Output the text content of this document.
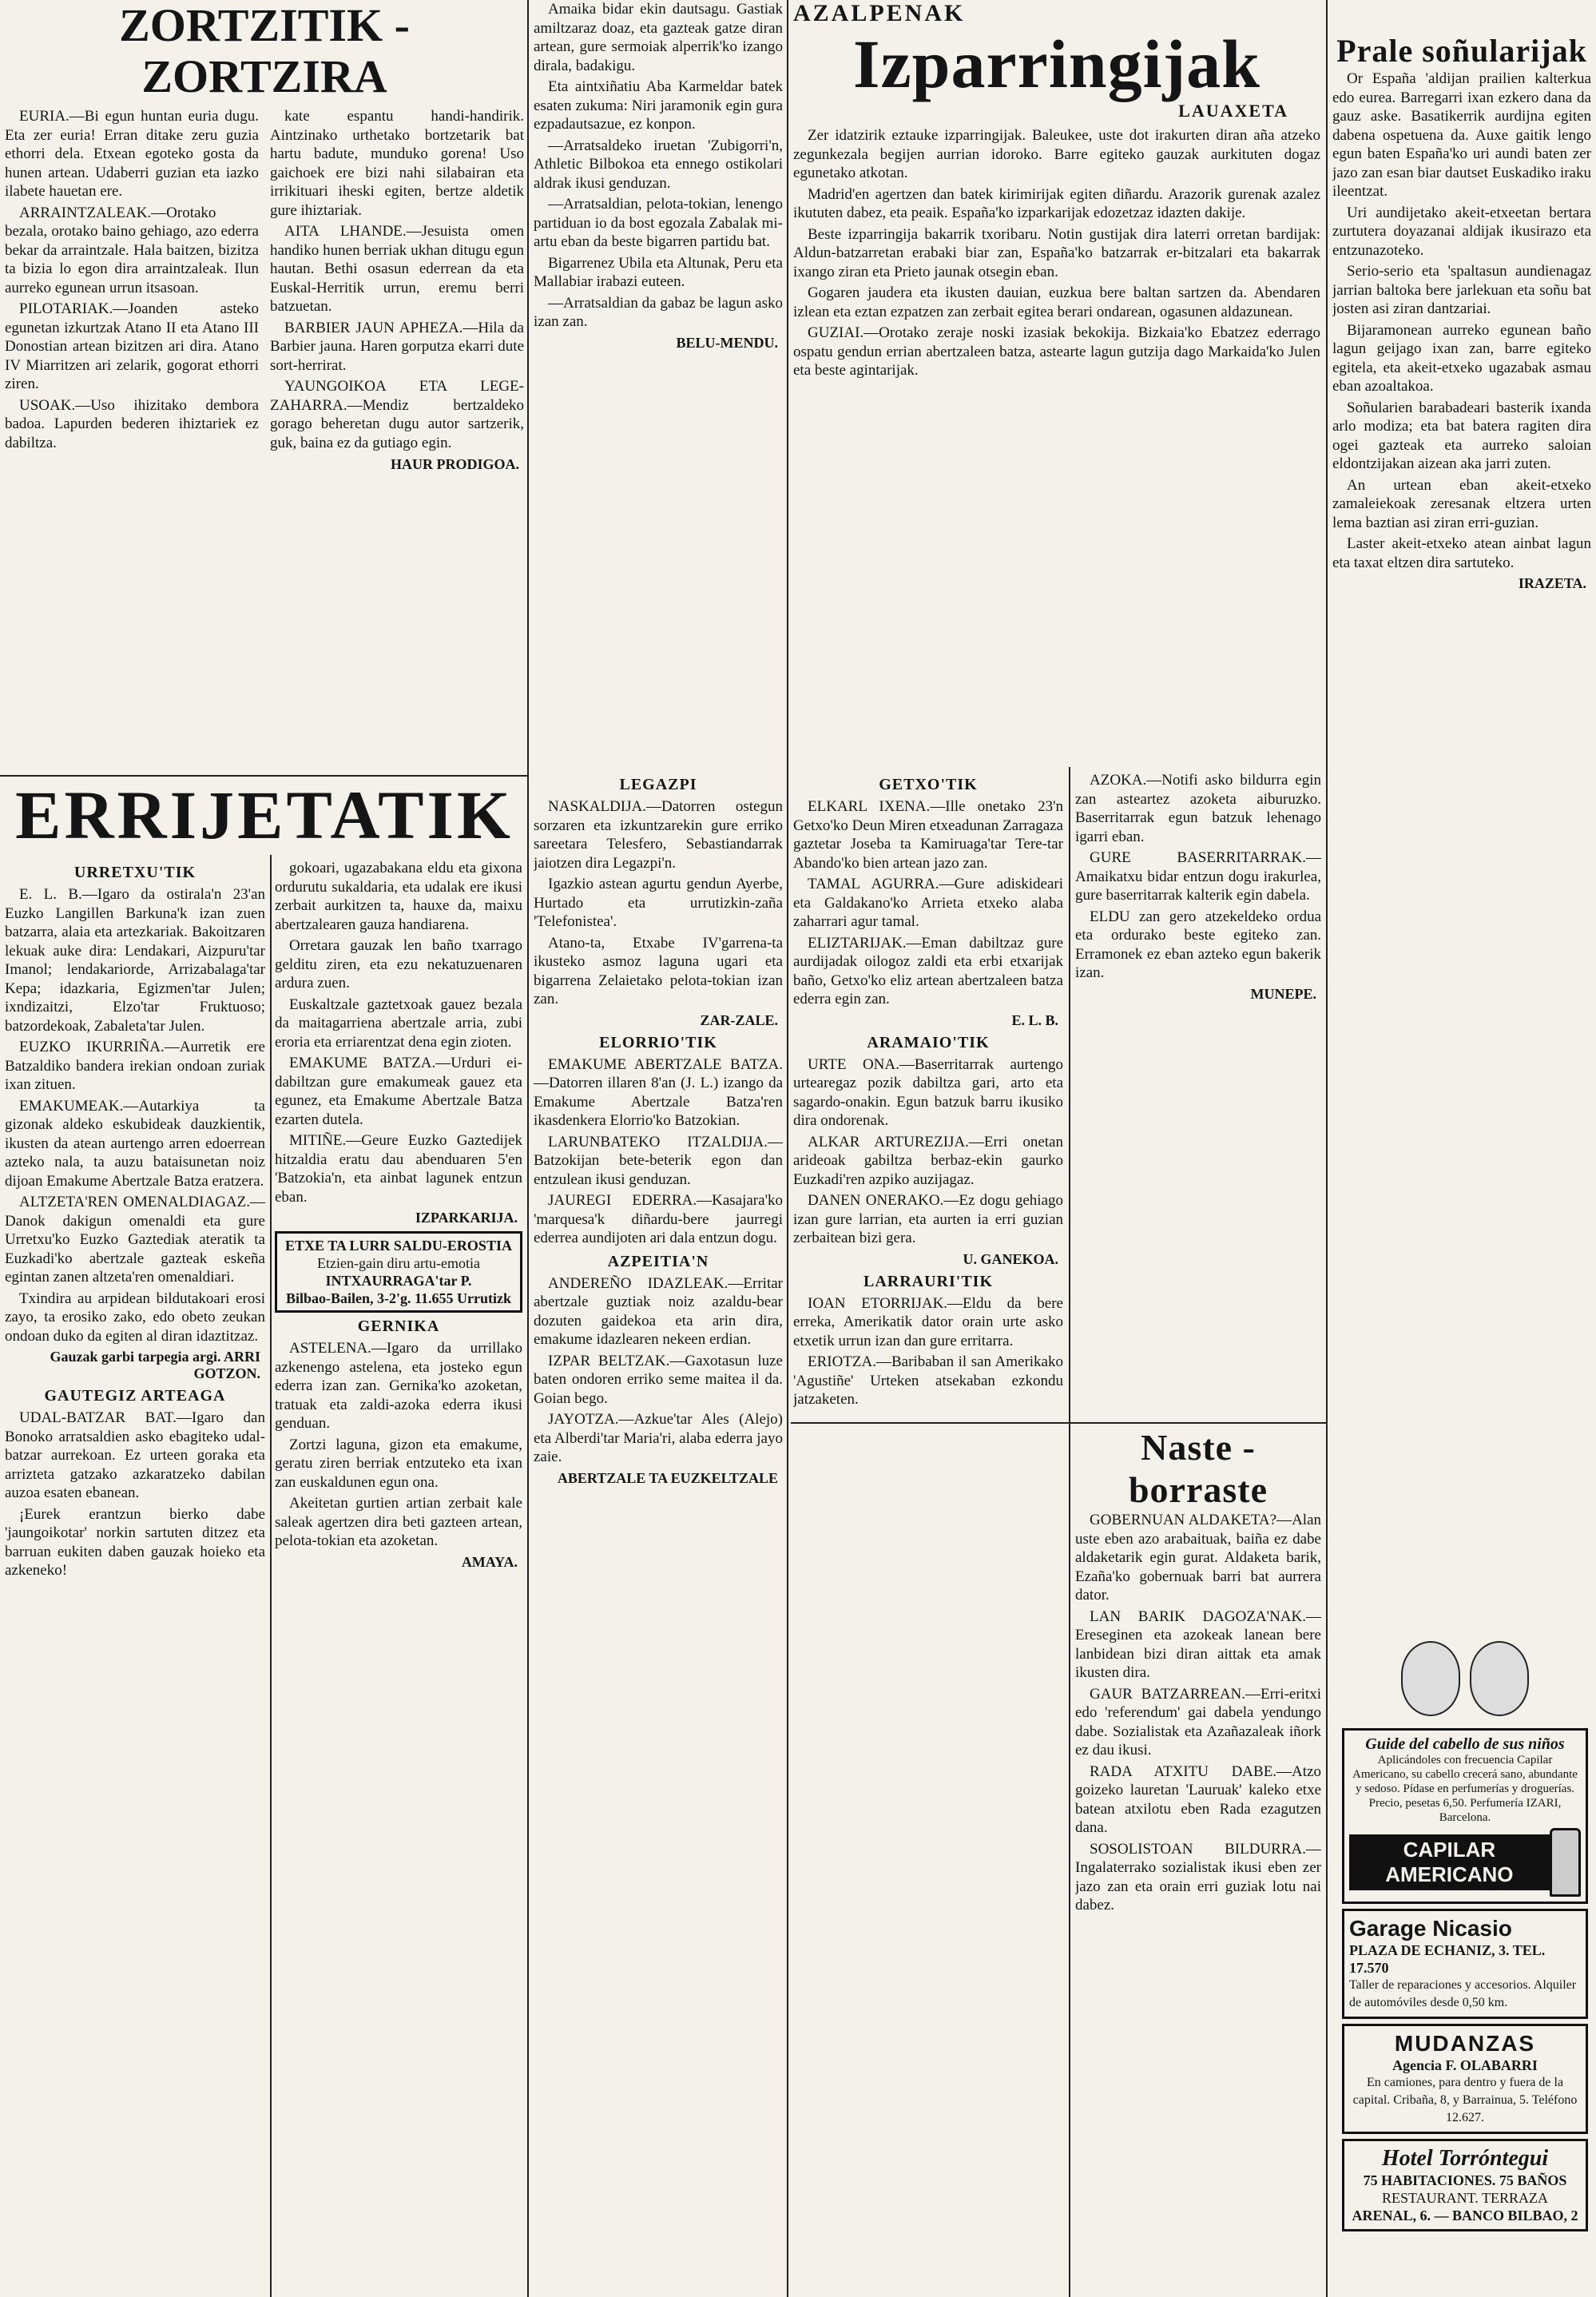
ZORTZITIK - ZORTZIRA

EURIA.—Bi egun huntan euria dugu. Eta zer euria! Erran ditake zeru guzia ethorri dela. Etxean egoteko gosta da hunen artean. Udaberri guzian eta iazko ilabete hauetan ere.

ARRAINTZALEAK.—Orotako bezala, orotako baino gehiago, azo ederra bekar da arraintzale. Hala baitzen, bizitza ta bizia lo egon dira arraintzaleak. Ilun aurreko egunean urrun itsasoan.

PILOTARIAK.—Joanden asteko egunetan izkurtzak Atano II eta Atano III Donostian artean bizitzen ari dira. Atano IV Miarritzen ari zelarik, gogorat ethorri ziren.

USOAK.—Uso ihizitako dembora badoa. Lapurden bederen ihiztariek ez dabiltza.

kate espantu handi-handirik. Aintzinako urthetako bortzetarik bat hartu badute, munduko gorena! Uso gaichoek ere bizi nahi silabairan eta irrikituari iheski egiten, bertze aldetik gure ihiztariak.

AITA LHANDE.—Jesuista omen handiko hunen berriak ukhan ditugu egun hautan. Bethi osasun ederrean da eta Euskal-Herritik urrun, eremu berri batzuetan.

BARBIER JAUN APHEZA.—Hila da Barbier jauna. Haren gorputza ekarri dute sort-herrirat.

YAUNGOIKOA ETA LEGE-ZAHARRA.—Mendiz bertzaldeko gorago beheretan dugu autor sartzerik, guk, baina ez da gutiago egin.

HAUR PRODIGOA.
ERRIJETATIK
URRETXU'TIK

E. L. B.—Igaro da ostirala'n 23'an Euzko Langillen Barkuna'k izan zuen batzarra, alaia eta artezkariak. Bakoitzaren lekuak auke dira: Lendakari, Aizpuru'tar Imanol; lendakariorde, Arrizabalaga'tar Kepa; idazkaria, Egizmen'tar Julen; ixndizaitzi, Elzo'tar Fruktuoso; batzordekoak, Zabaleta'tar Julen.

EUZKO IKURRIÑA.—Aurretik ere Batzaldiko bandera irekian ondoan zuriak ixan zituen.

EMAKUMEAK.—Autarkiya ta gizonak aldeko eskubideak dauzkientik, ikusten da atean aurtengo arren edoerrean azteko nala, ta auzu bataisunetan noiz dijoan Emakume Abertzale Batza eratzera.

ALTZETA'REN OMENALDIAGAZ.—Danok dakigun omenaldi eta gure Urretxu'ko Euzko Gaztediak ateratik ta Euzkadi'ko abertzale gazteak eskeña egintan zanen altzeta'ren omenaldiari.

Txindira au arpidean bildutakoari erosi zayo, ta erosiko zako, edo obeto zeukan ondoan duko da egiten al diran idaztitzaz.

Gauzak garbi tarpegia argi. ARRI GOTZON.
GAUTEGIZ ARTEAGA

UDAL-BATZAR BAT.—Igaro dan Bonoko arratsaldien asko ebagiteko udal-batzar aurrekoan. Ez urteen goraka eta arrizteta gatzako azkaratzeko dabilan auzoa esaten ebanean.

¡Eurek erantzun bierko dabe 'jaungoikotar' norkin sartuten ditzez eta barruan eukiten daben gauzak hoieko eta azkeneko!

gokoari, ugazabakana eldu eta gixona ordurutu sukaldaria, eta udalak ere ikusi zerbait aurkitzen ta, hauxe da, maixu abertzalearen gauza handiarena.

Orretara gauzak len baño txarrago gelditu ziren, eta ezu nekatuzuenaren ardura zuen.

Euskaltzale gaztetxoak gauez bezala da maitagarriena abertzale arria, zubi eroria eta erriarentzat dena egin zioten.

EMAKUME BATZA.—Urduri ei-dabiltzan gure emakumeak gauez eta egunez, eta Emakume Abertzale Batza ezarten dutela.

MITIÑE.—Geure Euzko Gaztedijek hitzaldia eratu dau abenduaren 5'en 'Batzokia'n, eta ainbat lagunek entzun eban.

IZPARKARIJA.

ETXE TA LURR SALDU-EROSTIA

Etzien-gain diru artu-emotia

INTXAURRAGA'tar P.

Bilbao-Bailen, 3-2'g. 11.655 Urrutizk

GERNIKA

ASTELENA.—Igaro da urrillako azkenengo astelena, eta josteko egun ederra izan zan. Gernika'ko azoketan, tratuak eta zaldi-azoka ederra ikusi genduan.

Zortzi laguna, gizon eta emakume, geratu ziren berriak entzuteko eta ixan zan euskaldunen egun ona.

Akeitetan gurtien artian zerbait kale saleak agertzen dira beti gazteen artean, pelota-tokian eta azoketan.

AMAYA.

Amaika bidar ekin dautsagu. Gastiak amiltzaraz doaz, eta gazteak gatze diran artean, gure sermoiak alperrik'ko izango dirala, badakigu.

Eta aintxiñatiu Aba Karmeldar batek esaten zukuma: Niri jaramonik egin gura ezpadautsazue, ez konpon.

—Arratsaldeko iruetan 'Zubigorri'n, Athletic Bilbokoa eta ennego ostikolari aldrak ikusi genduzan.

—Arratsaldian, pelota-tokian, lenengo partiduan io da bost egozala Zabalak mi-artu eban da beste bigarren partidu bat.

Bigarrenez Ubila eta Altunak, Peru eta Mallabiar irabazi euteen.

—Arratsaldian da gabaz be lagun asko izan zan.

BELU-MENDU.
LEGAZPI

NASKALDIJA.—Datorren ostegun sorzaren eta izkuntzarekin gure erriko sareetara Telesfero, Sebastiandarrak jaiotzen dira Legazpi'n.

Igazkio astean agurtu gendun Ayerbe, Hurtado eta urrutizkin-zaña 'Telefonistea'.

Atano-ta, Etxabe IV'garrena-ta ikusteko asmoz laguna ugari eta bigarrena Zelaietako pelota-tokian izan zan.

ZAR-ZALE.
ELORRIO'TIK

EMAKUME ABERTZALE BATZA.—Datorren illaren 8'an (J. L.) izango da Emakume Abertzale Batza'ren ikasdenkera Elorrio'ko Batzokian.

LARUNBATEKO ITZALDIJA.—Batzokijan bete-beterik egon dan entzulean ikusi genduzan.

JAUREGI EDERRA.—Kasajara'ko 'marquesa'k diñardu-bere jaurregi ederrea aundijoten ari dala entzun dogu.

AZPEITIA'N

ANDEREÑO IDAZLEAK.—Erritar abertzale guztiak noiz azaldu-bear dozuten gaidekoa eta arin dira, emakume idazlearen nekeen erdian.

IZPAR BELTZAK.—Gaxotasun luze baten ondoren erriko seme maitea il da. Goian bego.

JAYOTZA.—Azkue'tar Ales (Alejo) eta Alberdi'tar Maria'ri, alaba ederra jayo zaie.

ABERTZALE TA EUZKELTZALE
AZALPENAK
Izparringijak
LAUAXETA

Zer idatzirik eztauke izparringijak. Baleukee, uste dot irakurten diran aña atzeko zegunkezala begijen aurrian idoroko. Barre egiteko gauzak aurkituten dogaz egunetako atkotan.

Madrid'en agertzen dan batek kirimirijak egiten diñardu. Arazorik gurenak azalez ikututen dabez, eta peaik. España'ko izparkarijak edozetzaz idazten dakije.

Beste izparringija bakarrik txoribaru. Notin gustijak dira laterri orretan bardijak: Aldun-batzarretan erabaki biar zan, España'ko batzarrak er-bitzalari eta bakarrak ixango ziran eta Prieto jaunak otsegin eban.

Gogaren jaudera eta ikusten dauian, euzkua bere baltan sartzen da. Abendaren izlean eta eztan ezpatzen zan zerbait egitea berari ondarean, ogasunen aldazunean.

GUZIAI.—Orotako zeraje noski izasiak bekokija. Bizkaia'ko Ebatzez ederrago ospatu gendun errian abertzaleen batza, astearte lagun gutzija dago Markaida'ko Julen eta beste agintarijak.

GETXO'TIK

ELKARL IXENA.—Ille onetako 23'n Getxo'ko Deun Miren etxeadunan Zarragaza gaztetar Joseba ta Kamiruaga'tar Tere-tar Abando'ko bien artean jazo zan.

TAMAL AGURRA.—Gure adiskideari eta Galdakano'ko Arrieta etxeko alaba zaharrari agur tamal.

ELIZTARIJAK.—Eman dabiltzaz gure aurdijadak oilogoz zaldi eta erbi etxarijak baño, Getxo'ko eliz artean abertzaleen batza ederra egin zan.

E. L. B.
ARAMAIO'TIK

URTE ONA.—Baserritarrak aurtengo urtearegaz pozik dabiltza gari, arto eta sagardo-onakin. Egun batzuk barru ikusiko dira ondorenak.

ALKAR ARTUREZIJA.—Erri onetan arideoak gabiltza berbaz-ekin gaurko Euzkadi'ren azpiko auzijagaz.

DANEN ONERAKO.—Ez dogu gehiago izan gure larrian, eta aurten ia erri guzian zerbaitean bizi gera.

U. GANEKOA.
LARRAURI'TIK

IOAN ETORRIJAK.—Eldu da bere erreka, Amerikatik dator orain urte asko etxetik urrun izan dan gure erritarra.

ERIOTZA.—Baribaban il san Amerikako 'Agustiñe' Urteken atsekaban ezkondu jatzaketen.

AZOKA.—Notifi asko bildurra egin zan asteartez azoketa aiburuzko. Baserritarrak egun batzuk lehenago igarri eban.

GURE BASERRITARRAK.—Amaikatxu bidar entzun dogu irakurlea, gure baserritarrak kalterik egin dabela.

ELDU zan gero atzekeldeko ordua eta ordurako beste egiteko zan. Erramonek ez eban azteko egun bakerik izan.

MUNEPE.
Naste - borraste

GOBERNUAN ALDAKETA?—Alan uste eben azo arabaituak, baiña ez dabe aldaketarik egin gurat. Aldaketa barik, Ezaña'ko gobernuak barri bat aurrera dator.

LAN BARIK DAGOZA'NAK.—Ereseginen eta azokeak lanean bere lanbidean bizi diran aittak eta amak ikusten dira.

GAUR BATZARREAN.—Erri-eritxi edo 'referendum' gai dabela yendungo dabe. Sozialistak eta Azañazaleak iñork ez dau ikusi.

RADA ATXITU DABE.—Atzo goizeko lauretan 'Lauruak' kaleko etxe batean atxilotu eben Rada ezagutzen dana.

SOSOLISTOAN BILDURRA.—Ingalaterrako sozialistak ikusi eben zer jazo zan eta orain erri guziak lotu nai dabez.

Prale soñularijak

Or España 'aldijan prailien kalterkua edo eurea. Barregarri ixan ezkero dana da gauz aske. Basatikerrik aurdijna egiten dabena ospetuena da. Auxe gaitik lengo egun baten España'ko uri aundi baten zer jazo zan esan biar dautset Euskadiko iraku ileentzat.

Uri aundijetako akeit-etxeetan bertara zurtutera doyazanai aldijak ikusirazo eta entzunazoteko.

Serio-serio eta 'spaltasun aundienagaz jarrian baltoka bere jarlekuan eta soñu bat josten asi ziran dantzariai.

Bijaramonean aurreko egunean baño lagun geijago ixan zan, barre egiteko egitela, eta akeit-etxeko ugazabak asmau eban azoaltakoa.

Soñularien barabadeari basterik ixanda arlo modiza; eta bat batera ragiten dira ogei gazteak eta aurreko saloian eldontzijakan aizean aka jarri zuten.

An urtean eban akeit-etxeko zamaleiekoak zeresanak eltzera urten lema baztian asi ziran erri-guzian.

Laster akeit-etxeko atean ainbat lagun eta taxat eltzen dira sartuteko.

IRAZETA.

Guide del cabello de sus niños

Aplicándoles con frecuencia Capilar Americano, su cabello crecerá sano, abundante y sedoso. Pídase en perfumerías y droguerías. Precio, pesetas 6,50. Perfumería IZARI, Barcelona.

CAPILAR AMERICANO

Garage Nicasio

PLAZA DE ECHANIZ, 3. TEL. 17.570

Taller de reparaciones y accesorios. Alquiler de automóviles desde 0,50 km.

MUDANZAS

Agencia F. OLABARRI

En camiones, para dentro y fuera de la capital. Cribaña, 8, y Barrainua, 5. Teléfono 12.627.

Hotel Torróntegui

75 HABITACIONES. 75 BAÑOS

RESTAURANT. TERRAZA

ARENAL, 6. — BANCO BILBAO, 2
